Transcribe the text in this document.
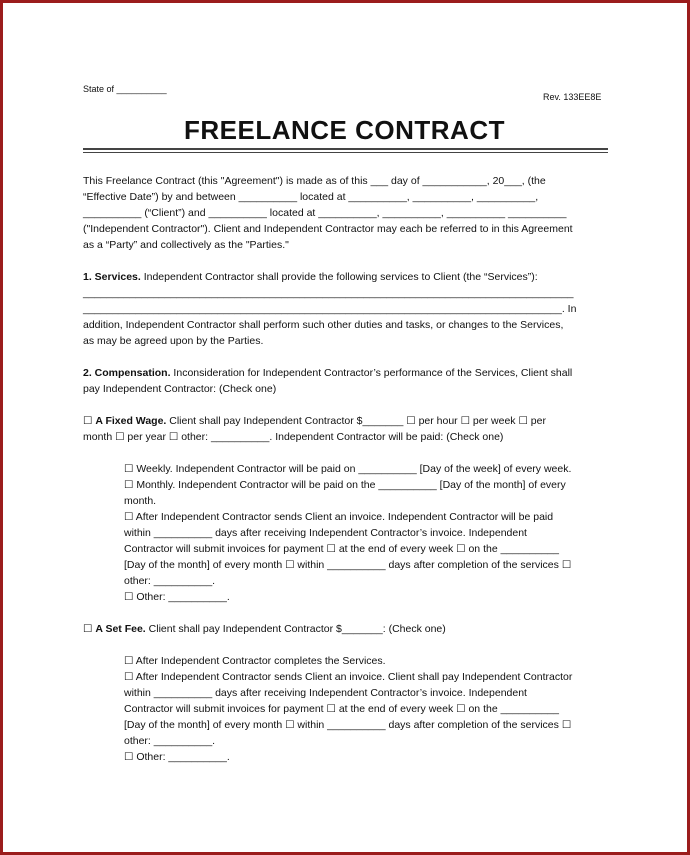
State of __________
Rev. 133EE8E
FREELANCE CONTRACT
This Freelance Contract (this "Agreement") is made as of this ___ day of ___________, 20___, (the
“Effective Date”) by and between __________ located at __________, __________, __________,
__________ (“Client”) and __________ located at __________, __________, __________ __________
("Independent Contractor"). Client and Independent Contractor may each be referred to in this Agreement
as a “Party” and collectively as the "Parties."
1. Services. Independent Contractor shall provide the following services to Client (the “Services”):
____________________________________________________________________________________
__________________________________________________________________________________. In
addition, Independent Contractor shall perform such other duties and tasks, or changes to the Services,
as may be agreed upon by the Parties.
2. Compensation. Inconsideration for Independent Contractor’s performance of the Services, Client shall
pay Independent Contractor: (Check one)
☐ A Fixed Wage. Client shall pay Independent Contractor $_______ ☐ per hour ☐ per week ☐ per
month ☐ per year ☐ other: __________. Independent Contractor will be paid: (Check one)
☐ Weekly. Independent Contractor will be paid on __________ [Day of the week] of every week.
☐ Monthly. Independent Contractor will be paid on the __________ [Day of the month] of every
month.
☐ After Independent Contractor sends Client an invoice. Independent Contractor will be paid
within __________ days after receiving Independent Contractor’s invoice. Independent
Contractor will submit invoices for payment ☐ at the end of every week ☐ on the __________
[Day of the month] of every month ☐ within __________ days after completion of the services ☐
other: __________.
☐ Other: __________.
☐ A Set Fee. Client shall pay Independent Contractor $_______: (Check one)
☐ After Independent Contractor completes the Services.
☐ After Independent Contractor sends Client an invoice. Client shall pay Independent Contractor
within __________ days after receiving Independent Contractor’s invoice. Independent
Contractor will submit invoices for payment ☐ at the end of every week ☐ on the __________
[Day of the month] of every month ☐ within __________ days after completion of the services ☐
other: __________.
☐ Other: __________.
